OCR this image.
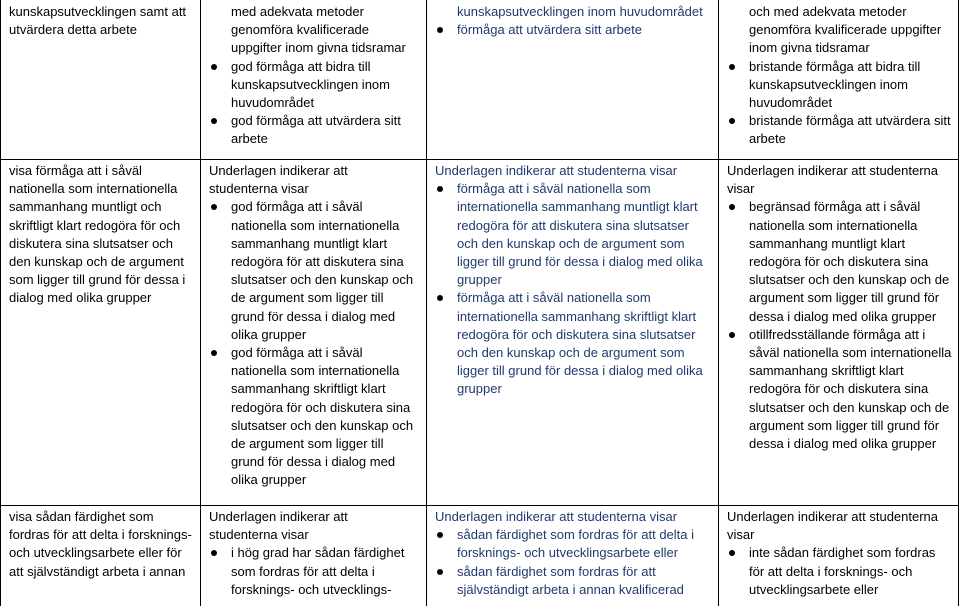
kunskapsutvecklingen samt att utvärdera detta arbete

med adekvata metoder genomföra kvalificerade uppgifter inom givna tidsramar
god förmåga att bidra till kunskapsutvecklingen inom huvudområdet
god förmåga att utvärdera sitt arbete
kunskapsutvecklingen inom huvudområdet
förmåga att utvärdera sitt arbete
och med adekvata metoder genomföra kvalificerade uppgifter inom givna tidsramar
bristande förmåga att bidra till kunskapsutvecklingen inom huvudområdet
bristande förmåga att utvärdera sitt arbete

visa förmåga att i såväl nationella som internationella sammanhang muntligt och skriftligt klart redogöra för och diskutera sina slutsatser och den kunskap och de argument som ligger till grund för dessa i dialog med olika grupper

Underlagen indikerar att studenterna visar

god förmåga att i såväl nationella som internationella sammanhang muntligt klart redogöra för att diskutera sina slutsatser och den kunskap och de argument som ligger till grund för dessa i dialog med olika grupper
god förmåga att i såväl nationella som internationella sammanhang skriftligt klart redogöra för och diskutera sina slutsatser och den kunskap och de argument som ligger till grund för dessa i dialog med olika grupper

Underlagen indikerar att studenterna visar

förmåga att i såväl nationella som internationella sammanhang muntligt klart redogöra för att diskutera sina slutsatser och den kunskap och de argument som ligger till grund för dessa i dialog med olika grupper
förmåga att i såväl nationella som internationella sammanhang skriftligt klart redogöra för och diskutera sina slutsatser och den kunskap och de argument som ligger till grund för dessa i dialog med olika grupper

Underlagen indikerar att studenterna visar

begränsad förmåga att i såväl nationella som internationella sammanhang muntligt klart redogöra för och diskutera sina slutsatser och den kunskap och de argument som ligger till grund för dessa i dialog med olika grupper
otillfredsställande förmåga att i såväl nationella som internationella sammanhang skriftligt klart redogöra för och diskutera sina slutsatser och den kunskap och de argument som ligger till grund för dessa i dialog med olika grupper

visa sådan färdighet som fordras för att delta i forsknings- och utvecklingsarbete eller för att självständigt arbeta i annan

Underlagen indikerar att studenterna visar

i hög grad har sådan färdighet som fordras för att delta i forsknings- och utvecklings-

Underlagen indikerar att studenterna visar

sådan färdighet som fordras för att delta i forsknings- och utvecklingsarbete eller
sådan färdighet som fordras för att självständigt arbeta i annan kvalificerad

Underlagen indikerar att studenterna visar

inte sådan färdighet som fordras för att delta i forsknings- och utvecklingsarbete eller
